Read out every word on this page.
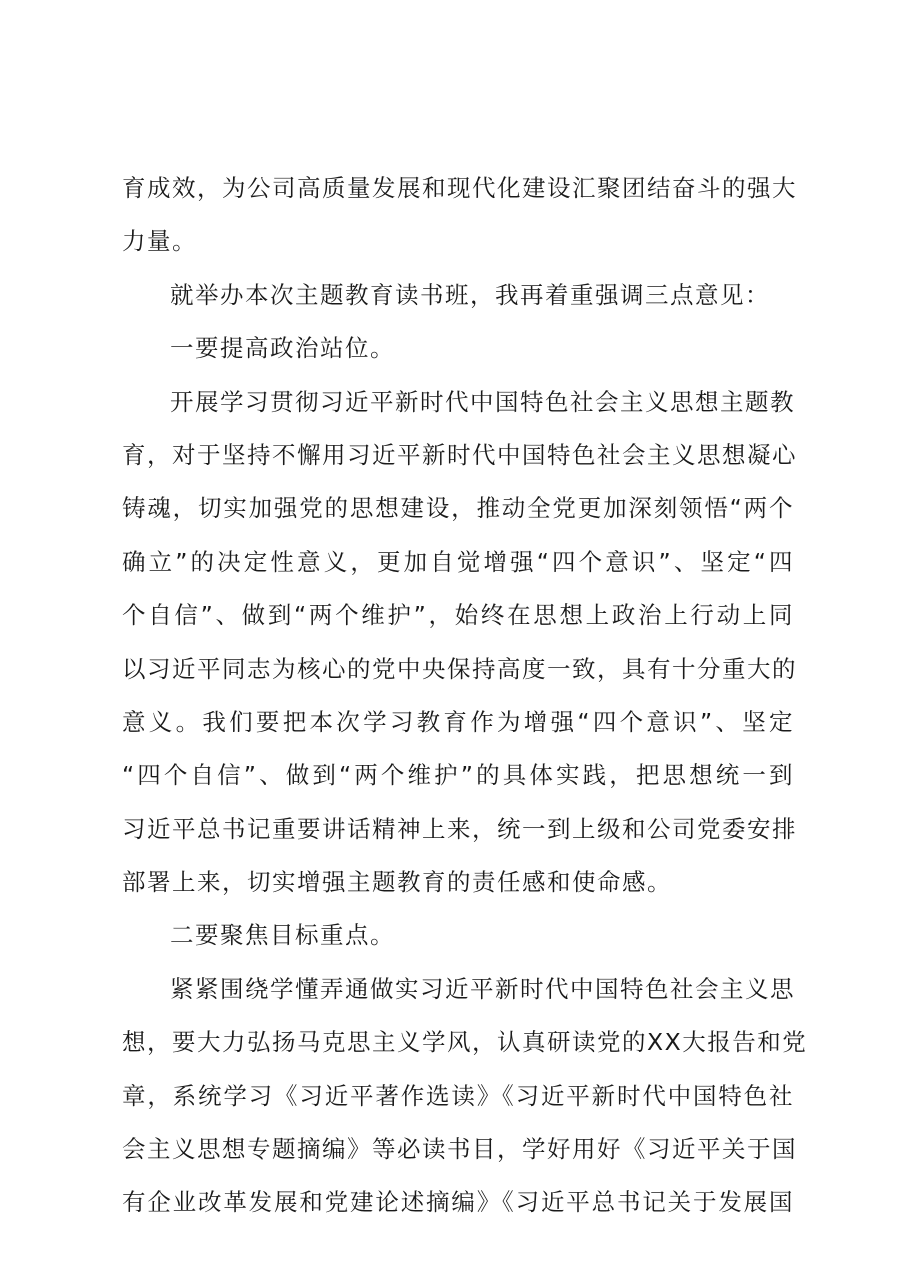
育成效，为公司高质量发展和现代化建设汇聚团结奋斗的强大
力量。
就举办本次主题教育读书班，我再着重强调三点意见：
一要提高政治站位。
开展学习贯彻习近平新时代中国特色社会主义思想主题教
育，对于坚持不懈用习近平新时代中国特色社会主义思想凝心
铸魂，切实加强党的思想建设，推动全党更加深刻领悟“两个
确立”的决定性意义，更加自觉增强“四个意识”、坚定“四
个自信”、做到“两个维护”，始终在思想上政治上行动上同
以习近平同志为核心的党中央保持高度一致，具有十分重大的
意义。我们要把本次学习教育作为增强“四个意识”、坚定
“四个自信”、做到“两个维护”的具体实践，把思想统一到
习近平总书记重要讲话精神上来，统一到上级和公司党委安排
部署上来，切实增强主题教育的责任感和使命感。
二要聚焦目标重点。
紧紧围绕学懂弄通做实习近平新时代中国特色社会主义思
想，要大力弘扬马克思主义学风，认真研读党的XX大报告和党
章，系统学习《习近平著作选读》《习近平新时代中国特色社
会主义思想专题摘编》等必读书目，学好用好《习近平关于国
有企业改革发展和党建论述摘编》《习近平总书记关于发展国
